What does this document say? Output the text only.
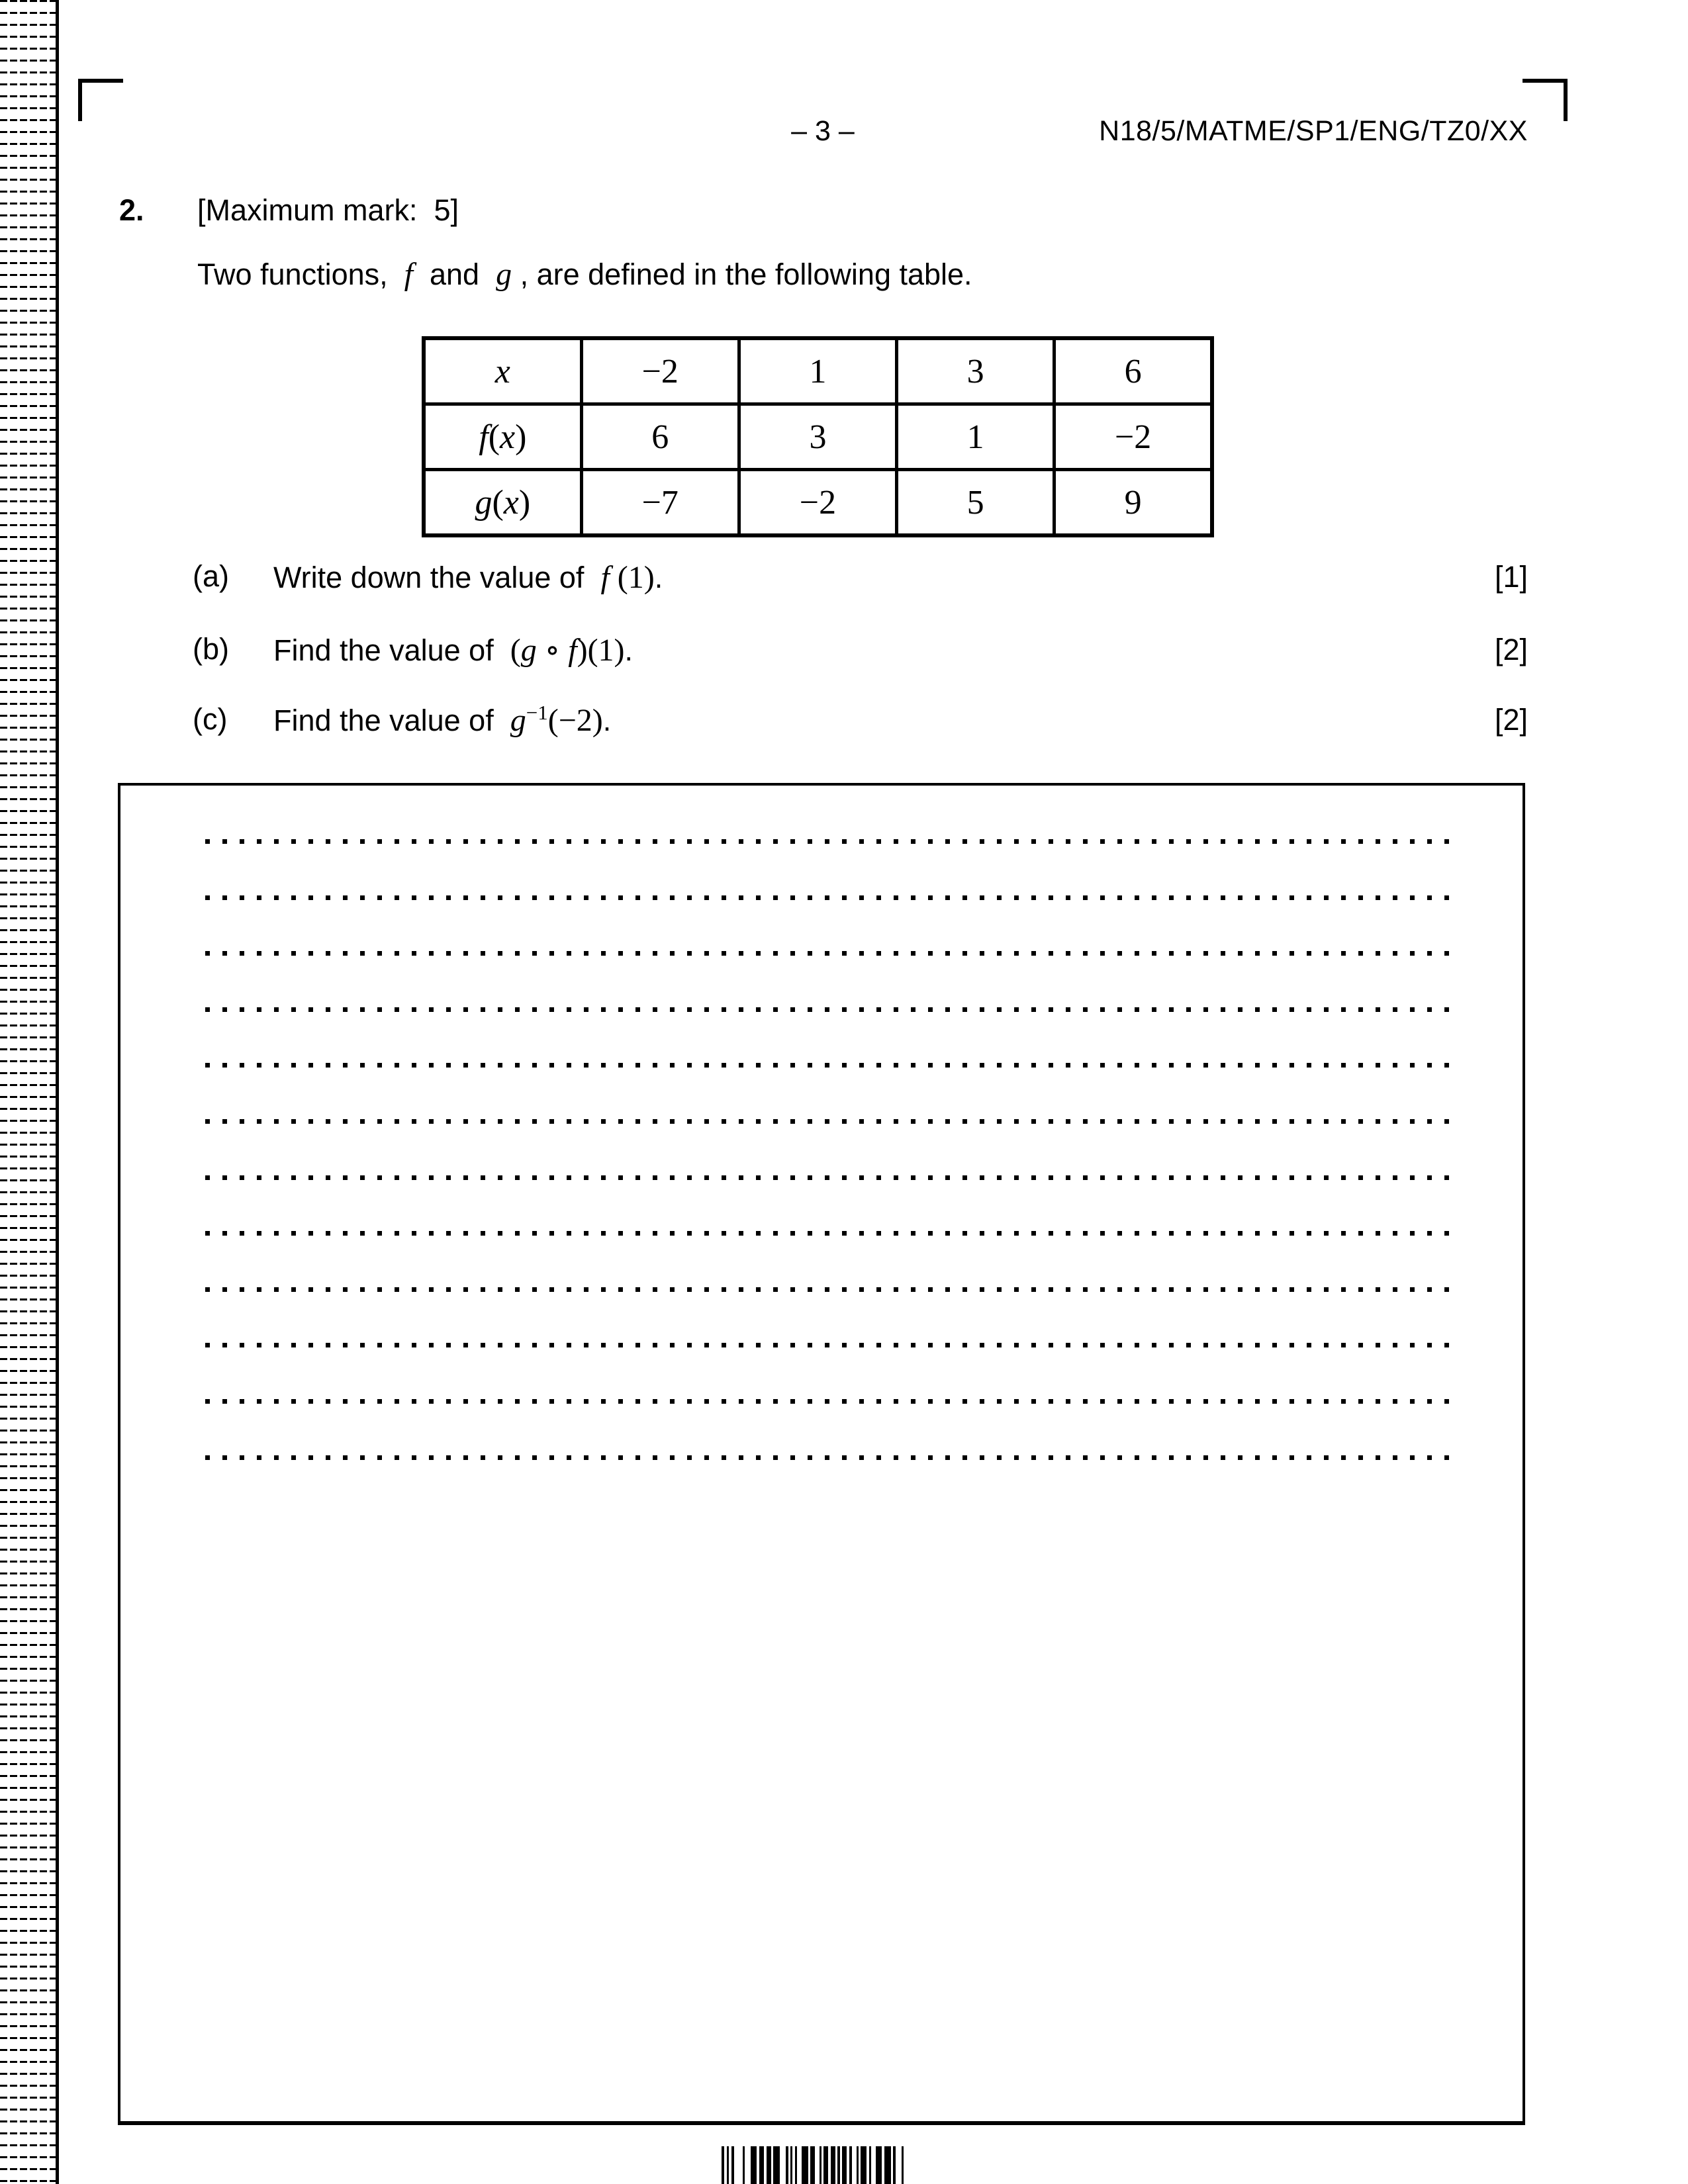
– 3 –	N18/5/MATME/SP1/ENG/TZ0/XX
2. [Maximum mark:  5]
Two functions,  f  and  g , are defined in the following table.
x	−2	1	3	6
f(x)	6	3	1	−2
g(x)	−7	−2	5	9
(a)	Write down the value of  f (1).
(b)	Find the value of  (g ∘ f)(1).
(c)	Find the value of  $g^{-1}(-2)$.
[1]
[2]
[2]
